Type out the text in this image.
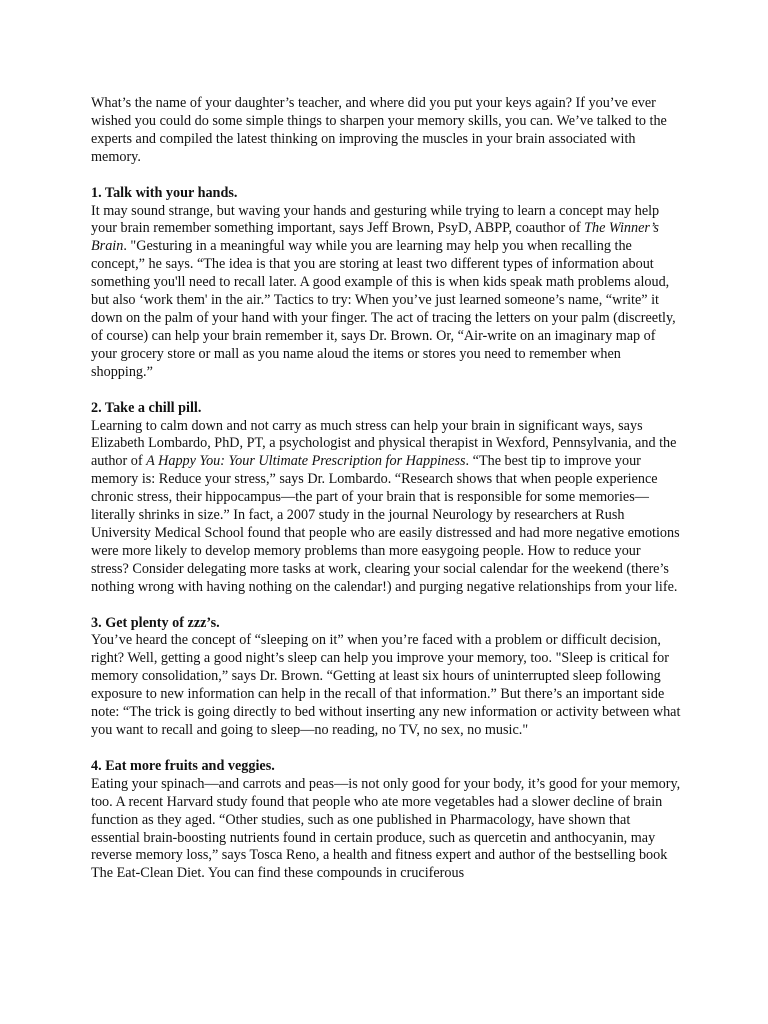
What’s the name of your daughter’s teacher, and where did you put your keys again? If you’ve ever wished you could do some simple things to sharpen your memory skills, you can. We’ve talked to the experts and compiled the latest thinking on improving the muscles in your brain associated with memory.

1. Talk with your hands.

It may sound strange, but waving your hands and gesturing while trying to learn a concept may help your brain remember something important, says Jeff Brown, PsyD, ABPP, coauthor of The Winner’s Brain. "Gesturing in a meaningful way while you are learning may help you when recalling the concept,” he says. “The idea is that you are storing at least two different types of information about something you'll need to recall later. A good example of this is when kids speak math problems aloud, but also ‘work them' in the air.” Tactics to try: When you’ve just learned someone’s name, “write” it down on the palm of your hand with your finger. The act of tracing the letters on your palm (discreetly, of course) can help your brain remember it, says Dr. Brown. Or, “Air-write on an imaginary map of your grocery store or mall as you name aloud the items or stores you need to remember when shopping.”

2. Take a chill pill.

Learning to calm down and not carry as much stress can help your brain in significant ways, says Elizabeth Lombardo, PhD, PT, a psychologist and physical therapist in Wexford, Pennsylvania, and the author of A Happy You: Your Ultimate Prescription for Happiness. “The best tip to improve your memory is: Reduce your stress,” says Dr. Lombardo. “Research shows that when people experience chronic stress, their hippocampus—the part of your brain that is responsible for some memories—literally shrinks in size.” In fact, a 2007 study in the journal Neurology by researchers at Rush University Medical School found that people who are easily distressed and had more negative emotions were more likely to develop memory problems than more easygoing people. How to reduce your stress? Consider delegating more tasks at work, clearing your social calendar for the weekend (there’s nothing wrong with having nothing on the calendar!) and purging negative relationships from your life.

3. Get plenty of zzz’s.

You’ve heard the concept of “sleeping on it” when you’re faced with a problem or difficult decision, right? Well, getting a good night’s sleep can help you improve your memory, too. "Sleep is critical for memory consolidation,” says Dr. Brown. “Getting at least six hours of uninterrupted sleep following exposure to new information can help in the recall of that information.” But there’s an important side note: “The trick is going directly to bed without inserting any new information or activity between what you want to recall and going to sleep—no reading, no TV, no sex, no music."

4. Eat more fruits and veggies.

Eating your spinach—and carrots and peas—is not only good for your body, it’s good for your memory, too. A recent Harvard study found that people who ate more vegetables had a slower decline of brain function as they aged. “Other studies, such as one published in Pharmacology, have shown that essential brain-boosting nutrients found in certain produce, such as quercetin and anthocyanin, may reverse memory loss,” says Tosca Reno, a health and fitness expert and author of the bestselling book The Eat-Clean Diet. You can find these compounds in cruciferous
